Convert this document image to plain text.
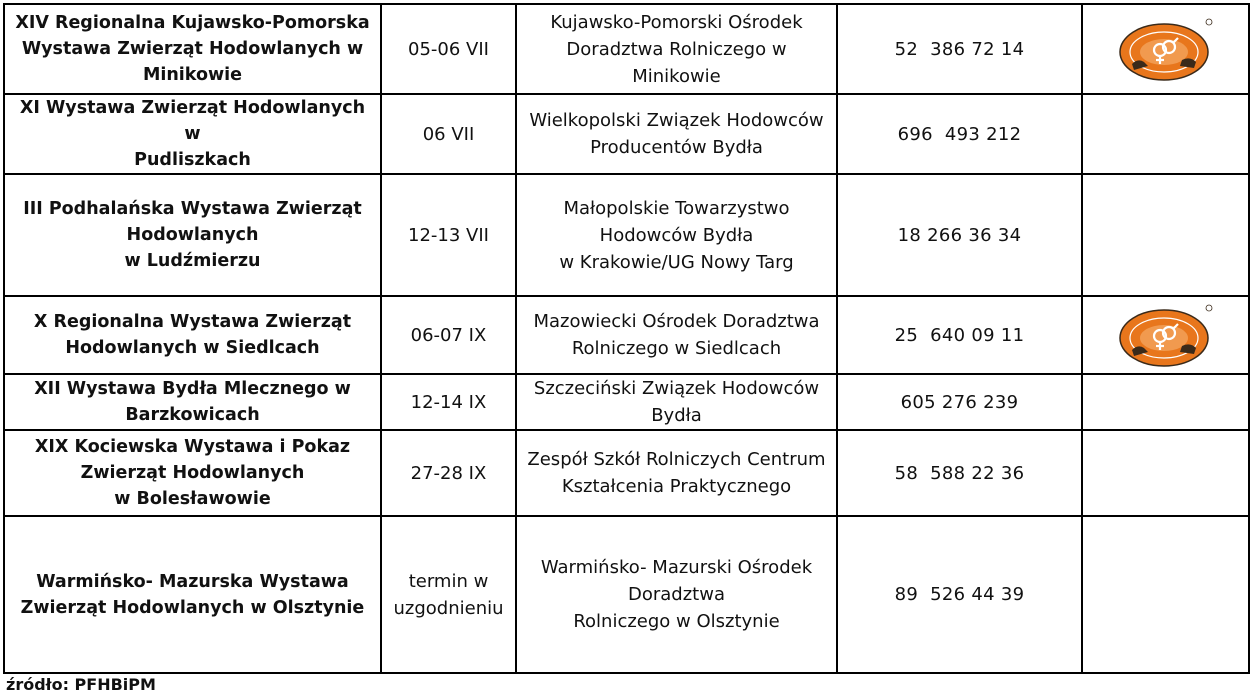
XIV Regionalna Kujawsko-Pomorska
Wystawa Zwierząt Hodowlanych w
Minikowie	05-06 VII	Kujawsko-Pomorski Ośrodek
Doradztwa Rolniczego w
Minikowie	52  386 72 14	

XI Wystawa Zwierząt Hodowlanych w
Pudliszkach	06 VII	Wielkopolski Związek Hodowców
Producentów Bydła	696  493 212	

III Podhalańska Wystawa Zwierząt
Hodowlanych
w Ludźmierzu	12-13 VII	Małopolskie Towarzystwo
Hodowców Bydła
w Krakowie/UG Nowy Targ	18 266 36 34	

X Regionalna Wystawa Zwierząt
Hodowlanych w Siedlcach	06-07 IX	Mazowiecki Ośrodek Doradztwa
Rolniczego w Siedlcach	25  640 09 11	

XII Wystawa Bydła Mlecznego w
Barzkowicach	12-14 IX	Szczeciński Związek Hodowców
Bydła	605 276 239	

XIX Kociewska Wystawa i Pokaz
Zwierząt Hodowlanych
w Bolesławowie	27-28 IX	Zespół Szkół Rolniczych Centrum
Kształcenia Praktycznego	58  588 22 36	

Warmińsko- Mazurska Wystawa
Zwierząt Hodowlanych w Olsztynie	termin w
uzgodnieniu	Warmińsko- Mazurski Ośrodek
Doradztwa
Rolniczego w Olsztynie	89  526 44 39	
źródło: PFHBiPM
